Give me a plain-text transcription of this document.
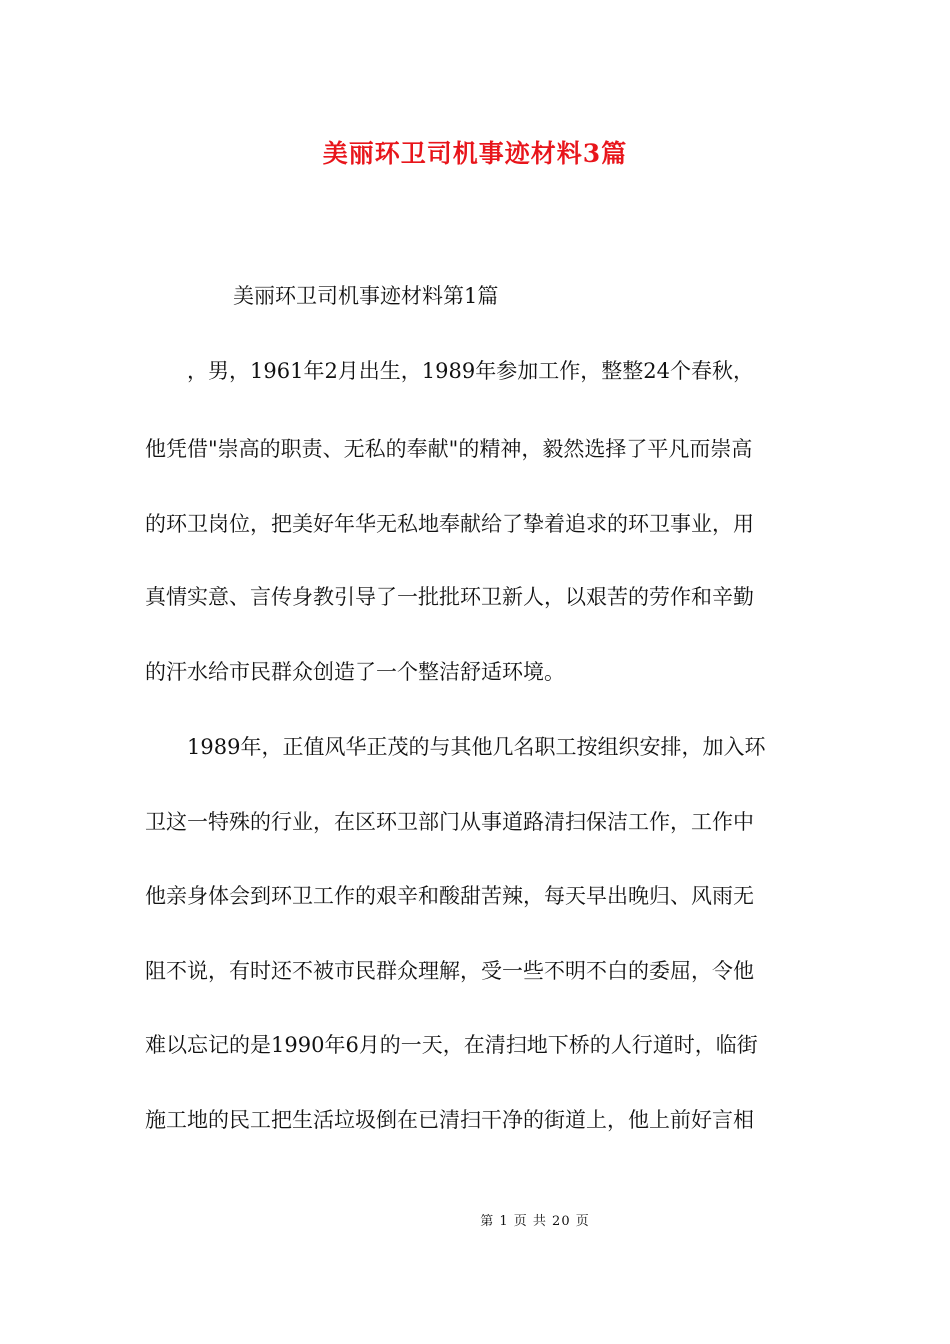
美丽环卫司机事迹材料3篇
美丽环卫司机事迹材料第1篇
　　，男，1961年2月出生，1989年参加工作，整整24个春秋，
他凭借"崇高的职责、无私的奉献"的精神，毅然选择了平凡而崇高
的环卫岗位，把美好年华无私地奉献给了挚着追求的环卫事业，用
真情实意、言传身教引导了一批批环卫新人，以艰苦的劳作和辛勤
的汗水给市民群众创造了一个整洁舒适环境。
　　1989年，正值风华正茂的与其他几名职工按组织安排，加入环
卫这一特殊的行业，在区环卫部门从事道路清扫保洁工作，工作中
他亲身体会到环卫工作的艰辛和酸甜苦辣，每天早出晚归、风雨无
阻不说，有时还不被市民群众理解，受一些不明不白的委屈，令他
难以忘记的是1990年6月的一天，在清扫地下桥的人行道时，临街
施工地的民工把生活垃圾倒在已清扫干净的街道上，他上前好言相
第 1 页 共 20 页
